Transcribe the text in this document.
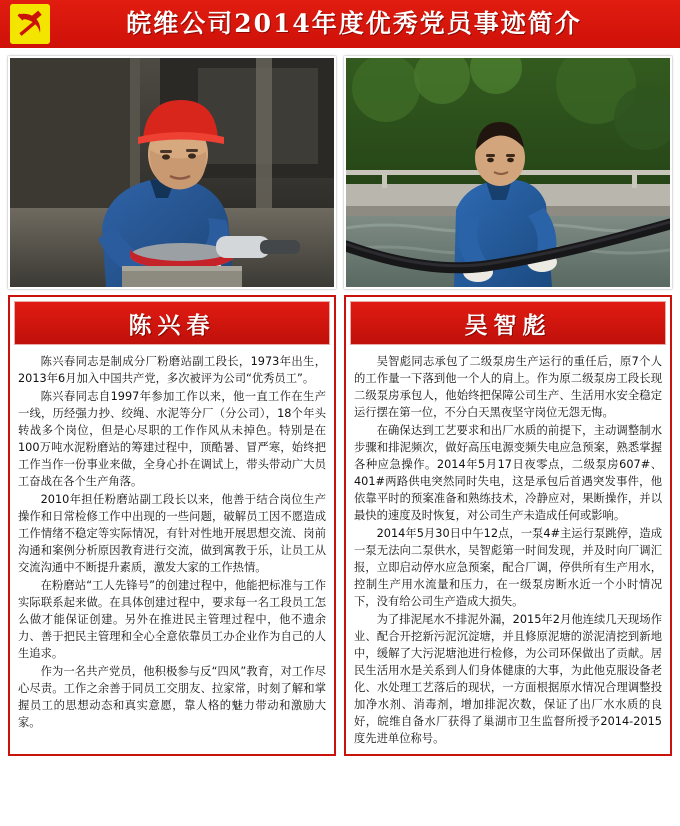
皖维公司2014年度优秀党员事迹简介
陈兴春

陈兴春同志是制成分厂粉磨站副工段长，1973年出生，2013年6月加入中国共产党，多次被评为公司“优秀员工”。

陈兴春同志自1997年参加工作以来，他一直工作在生产一线，历经强力抄、绞绳、水泥等分厂（分公司），18个年头转战多个岗位，但是心尽职的工作作风从未掉色。特别是在100万吨水泥粉磨站的筹建过程中，顶酷暑、冒严寒，始终把工作当作一份事业来做，全身心扑在调试上，带头带动广大员工奋战在各个生产角落。

2010年担任粉磨站副工段长以来，他善于结合岗位生产操作和日常检修工作中出现的一些问题，破解员工因不愿造成工作情绪不稳定等实际情况，有针对性地开展思想交流、岗前沟通和案例分析原因教育进行交流，做到寓教于乐，让员工从交流沟通中不断提升素质，激发大家的工作热情。

在粉磨站“工人先锋号”的创建过程中，他能把标准与工作实际联系起来做。在具体创建过程中，要求每一名工段员工怎么做才能保证创建。另外在推进民主管理过程中，他不遗余力、善于把民主管理和全心全意依靠员工办企业作为自己的人生追求。

作为一名共产党员，他积极参与反“四风”教育，对工作尽心尽责。工作之余善于同员工交朋友、拉家常，时刻了解和掌握员工的思想动态和真实意愿，靠人格的魅力带动和激励大家。

吴智彪

吴智彪同志承包了二级泵房生产运行的重任后，原7个人的工作量一下落到他一个人的肩上。作为原二级泵房工段长现二级泵房承包人，他始终把保障公司生产、生活用水安全稳定运行摆在第一位，不分白天黑夜坚守岗位无怨无悔。

在确保达到工艺要求和出厂水质的前提下，主动调整制水步骤和排泥频次，做好高压电源变频失电应急预案，熟悉掌握各种应急操作。2014年5月17日夜零点，二级泵房607#、401#两路供电突然同时失电，这是承包后首遇突发事件，他依靠平时的预案准备和熟练技术，冷静应对，果断操作，并以最快的速度及时恢复，对公司生产未造成任何或影响。

2014年5月30日中午12点，一泵4#主运行泵跳停，造成一泵无法向二泵供水，吴智彪第一时间发现，并及时向厂调汇报，立即启动停水应急预案，配合厂调，停供所有生产用水，控制生产用水流量和压力，在一级泵房断水近一个小时情况下，没有给公司生产造成大损失。

为了排泥尾水不排泥外漏，2015年2月他连续几天现场作业、配合开挖新污泥沉淀塘，并且修原泥塘的淤泥清挖到新地中，缓解了大污泥塘池进行检修，为公司环保做出了贡献。居民生活用水是关系到人们身体健康的大事，为此他克服设备老化、水处理工艺落后的现状，一方面根据原水情况合理调整投加净水剂、消毒剂，增加排泥次数，保证了出厂水水质的良好，皖维自备水厂获得了巢湖市卫生监督所授予2014-2015度先进单位称号。
